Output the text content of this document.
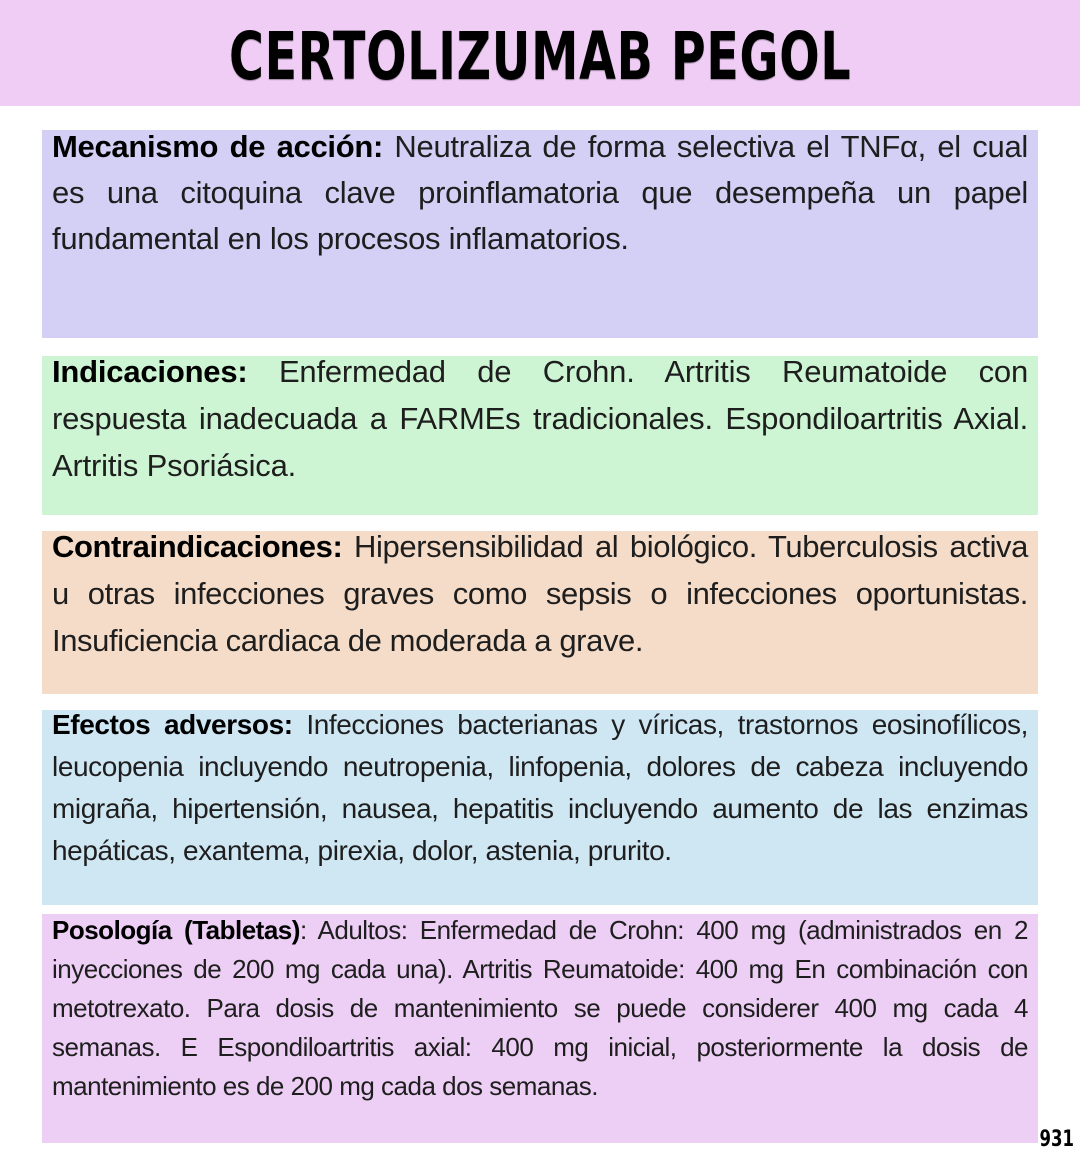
CERTOLIZUMAB PEGOL

Mecanismo de acción: Neutraliza de forma selectiva el TNFα, el cual es una citoquina clave proinflamatoria que desempeña un papel fundamental en los procesos inflamatorios.

Indicaciones: Enfermedad de Crohn. Artritis Reumatoide con respuesta inadecuada a FARMEs tradicionales. Espondiloartritis Axial. Artritis Psoriásica.

Contraindicaciones: Hipersensibilidad al biológico. Tuberculosis activa u otras infecciones graves como sepsis o infecciones oportunistas. Insuficiencia cardiaca de moderada a grave.

Efectos adversos: Infecciones bacterianas y víricas, trastornos eosinofílicos, leucopenia incluyendo neutropenia, linfopenia, dolores de cabeza incluyendo migraña, hipertensión, nausea, hepatitis incluyendo aumento de las enzimas hepáticas, exantema, pirexia, dolor, astenia, prurito.

Posología (Tabletas): Adultos: Enfermedad de Crohn: 400 mg (administrados en 2 inyecciones de 200 mg cada una). Artritis Reumatoide: 400 mg En combinación con metotrexato. Para dosis de mantenimiento se puede considerer 400 mg cada 4 semanas. E Espondiloartritis axial: 400 mg inicial, posteriormente la dosis de mantenimiento es de 200 mg cada dos semanas.

931
